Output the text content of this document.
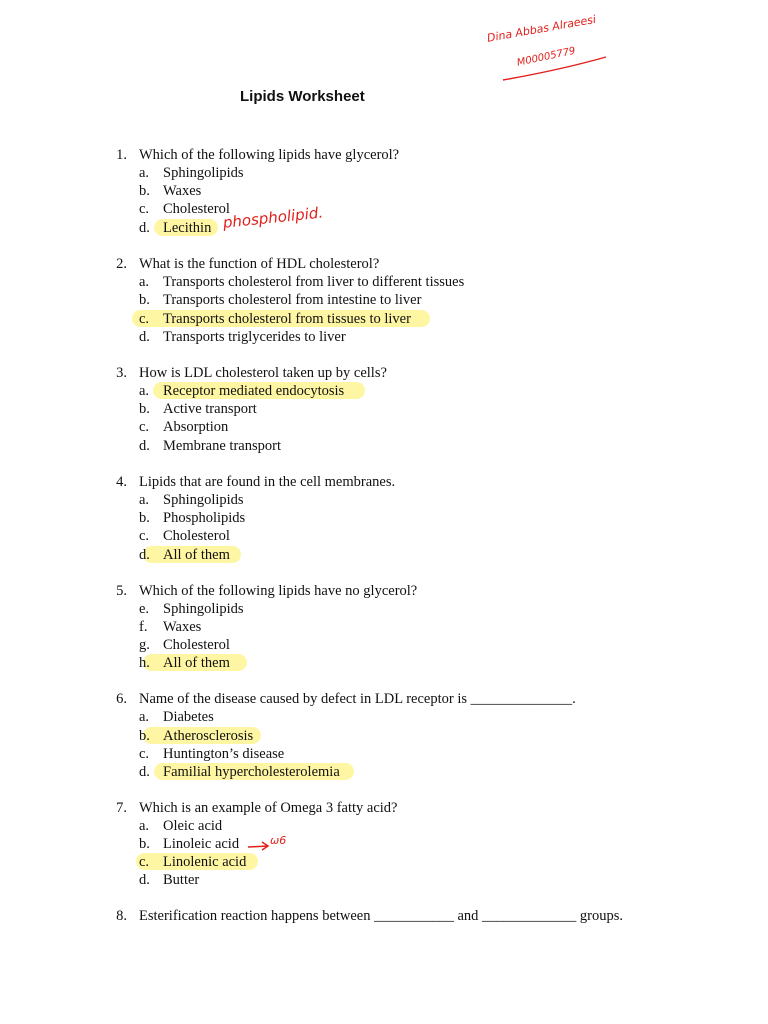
Dina Abbas Alraeesi
M00005779
Lipids Worksheet
phospholipid.
ω6
1. Which of the following lipids have glycerol?
a. Sphingolipids
b. Waxes
c. Cholesterol
d. Lecithin
2. What is the function of HDL cholesterol?
a. Transports cholesterol from liver to different tissues
b. Transports cholesterol from intestine to liver
c. Transports cholesterol from tissues to liver
d. Transports triglycerides to liver
3. How is LDL cholesterol taken up by cells?
a. Receptor mediated endocytosis
b. Active transport
c. Absorption
d. Membrane transport
4. Lipids that are found in the cell membranes.
a. Sphingolipids
b. Phospholipids
c. Cholesterol
d. All of them
5. Which of the following lipids have no glycerol?
e. Sphingolipids
f.	Waxes
g. Cholesterol
h. All of them
6. Name of the disease caused by defect in LDL receptor is ______________.
a. Diabetes
b. Atherosclerosis
c. Huntington’s disease
d. Familial hypercholesterolemia
7. Which is an example of Omega 3 fatty acid?
a. Oleic acid
b. Linoleic acid
c. Linolenic acid
d. Butter
8. Esterification reaction happens between ___________ and _____________ groups.
